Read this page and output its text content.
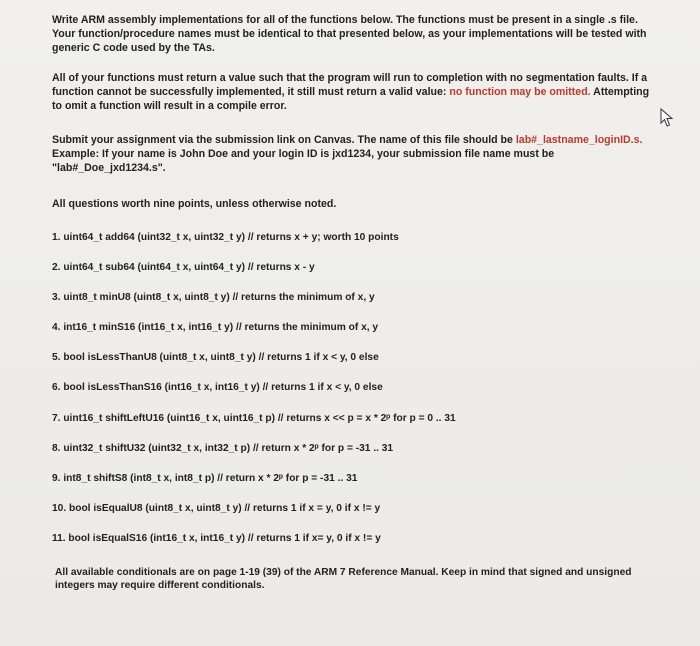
Write ARM assembly implementations for all of the functions below. The functions must be present in a single .s file.
Your function/procedure names must be identical to that presented below, as your implementations will be tested with
generic C code used by the TAs.
All of your functions must return a value such that the program will run to completion with no segmentation faults. If a
function cannot be successfully implemented, it still must return a valid value: no function may be omitted. Attempting
to omit a function will result in a compile error.
Submit your assignment via the submission link on Canvas. The name of this file should be lab#_lastname_loginID.s.
Example: If your name is John Doe and your login ID is jxd1234, your submission file name must be
"lab#_Doe_jxd1234.s".
All questions worth nine points, unless otherwise noted.
1. uint64_t add64 (uint32_t x, uint32_t y) // returns x + y; worth 10 points
2. uint64_t sub64 (uint64_t x, uint64_t y) // returns x - y
3. uint8_t minU8 (uint8_t x, uint8_t y) // returns the minimum of x, y
4. int16_t minS16 (int16_t x, int16_t y) // returns the minimum of x, y
5. bool isLessThanU8 (uint8_t x, uint8_t y) // returns 1 if x < y, 0 else
6. bool isLessThanS16 (int16_t x, int16_t y) // returns 1 if x < y, 0 else
7. uint16_t shiftLeftU16 (uint16_t x, uint16_t p) // returns x << p = x * 2ᵖ for p = 0 .. 31
8. uint32_t shiftU32 (uint32_t x, int32_t p) // return x * 2ᵖ for p = -31 .. 31
9. int8_t shiftS8 (int8_t x, int8_t p) // return x * 2ᵖ for p = -31 .. 31
10. bool isEqualU8 (uint8_t x, uint8_t y) // returns 1 if x = y, 0 if x != y
11. bool isEqualS16 (int16_t x, int16_t y) // returns 1 if x= y, 0 if x != y
All available conditionals are on page 1-19 (39) of the ARM 7 Reference Manual. Keep in mind that signed and unsigned
integers may require different conditionals.
